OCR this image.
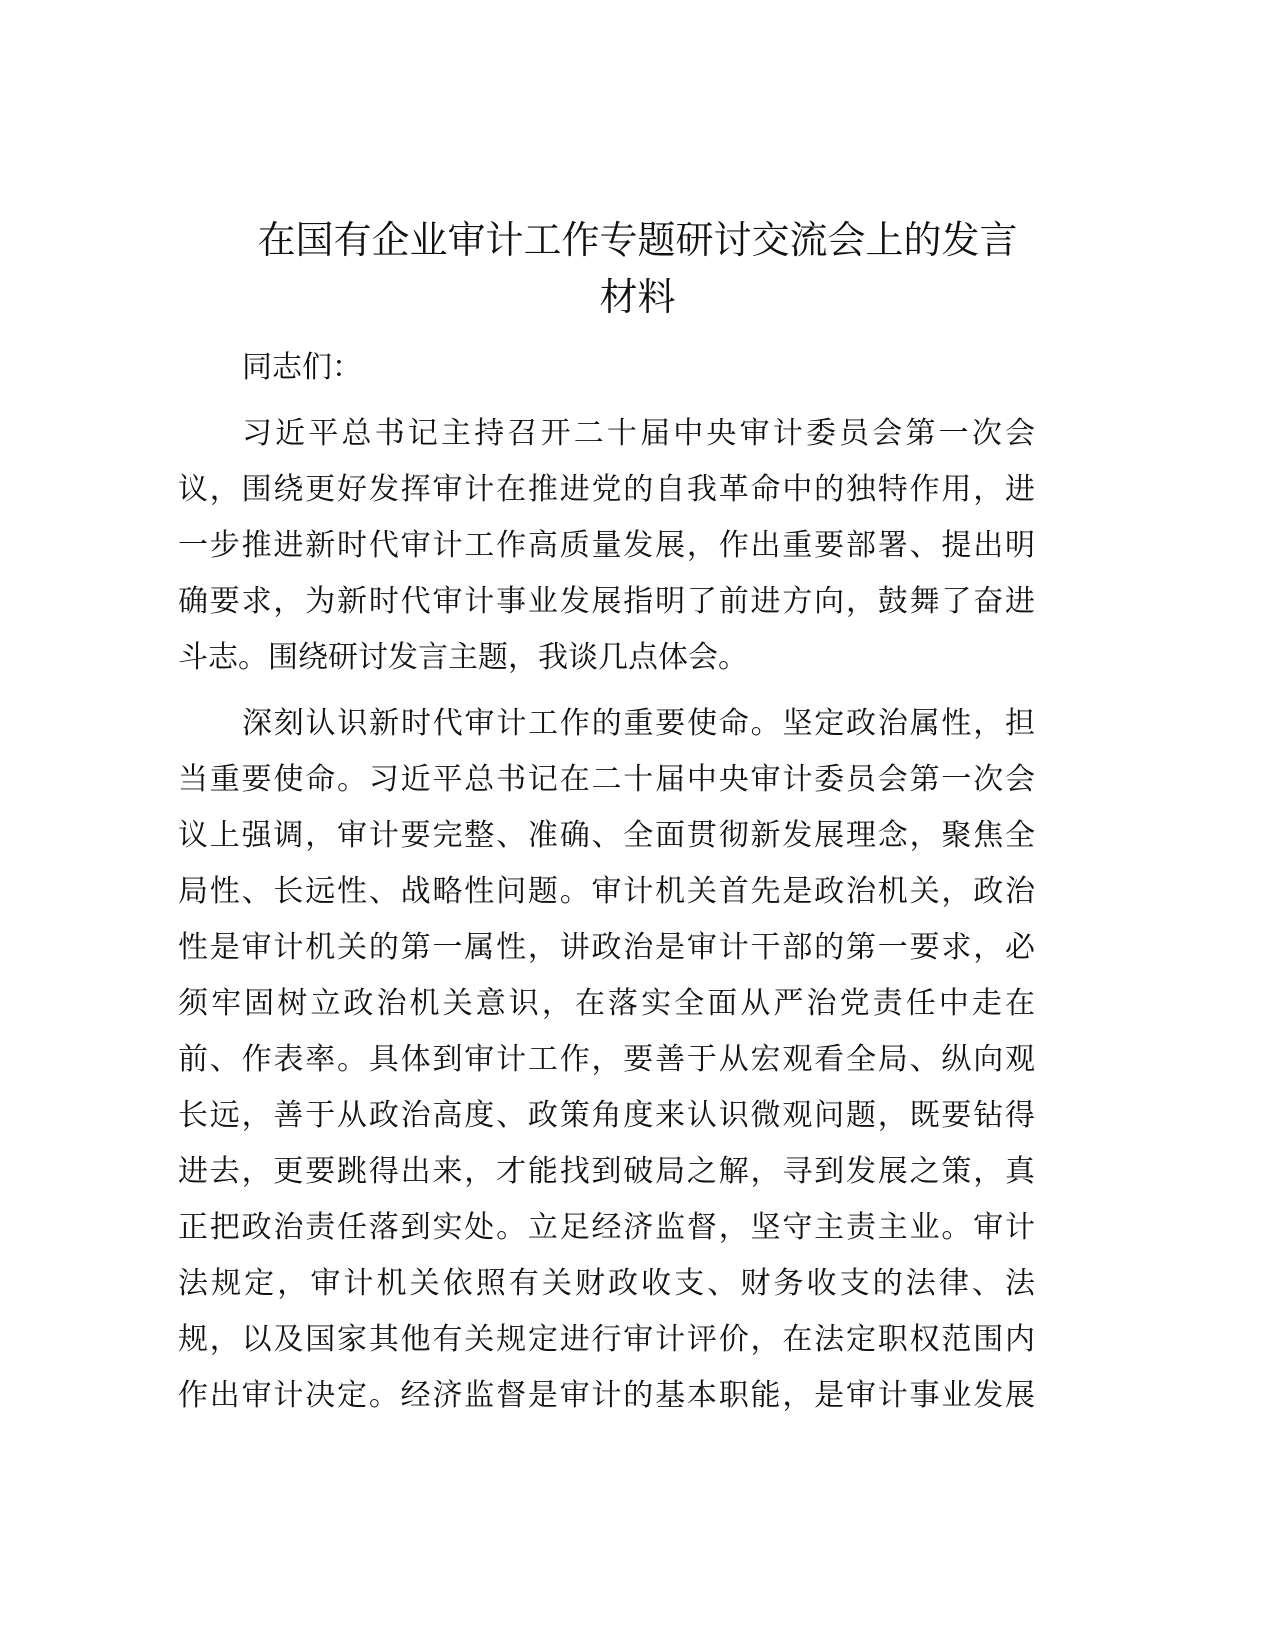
在国有企业审计工作专题研讨交流会上的发言
材料
同志们：
习近平总书记主持召开二十届中央审计委员会第一次会
议，围绕更好发挥审计在推进党的自我革命中的独特作用，进
一步推进新时代审计工作高质量发展，作出重要部署、提出明
确要求，为新时代审计事业发展指明了前进方向，鼓舞了奋进
斗志。围绕研讨发言主题，我谈几点体会。
深刻认识新时代审计工作的重要使命。坚定政治属性，担
当重要使命。习近平总书记在二十届中央审计委员会第一次会
议上强调，审计要完整、准确、全面贯彻新发展理念，聚焦全
局性、长远性、战略性问题。审计机关首先是政治机关，政治
性是审计机关的第一属性，讲政治是审计干部的第一要求，必
须牢固树立政治机关意识，在落实全面从严治党责任中走在
前、作表率。具体到审计工作，要善于从宏观看全局、纵向观
长远，善于从政治高度、政策角度来认识微观问题，既要钻得
进去，更要跳得出来，才能找到破局之解，寻到发展之策，真
正把政治责任落到实处。立足经济监督，坚守主责主业。审计
法规定，审计机关依照有关财政收支、财务收支的法律、法
规，以及国家其他有关规定进行审计评价，在法定职权范围内
作出审计决定。经济监督是审计的基本职能，是审计事业发展
